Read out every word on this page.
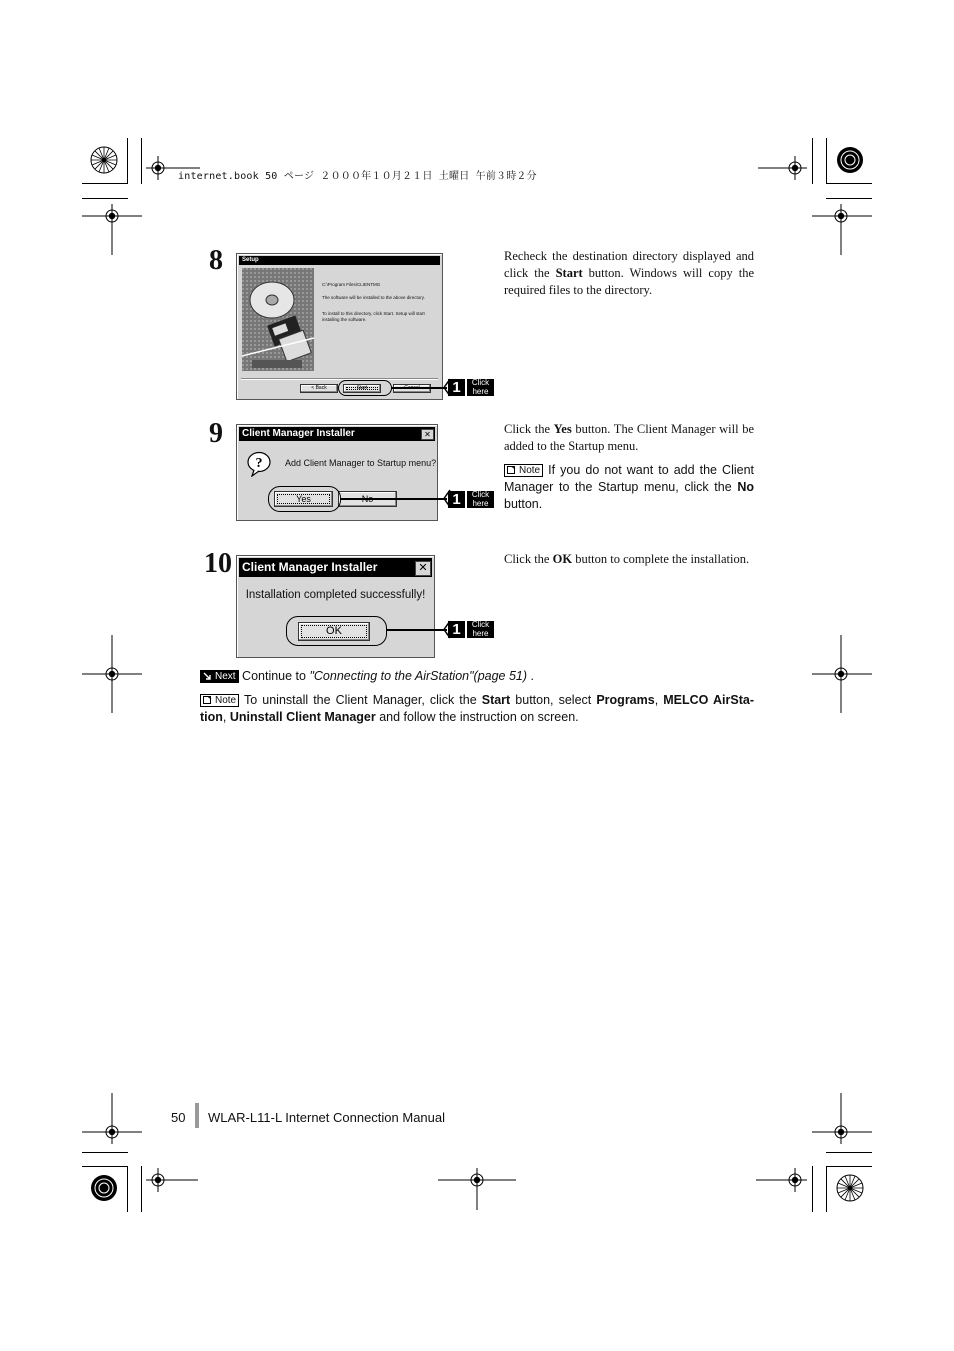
internet.book 50 ページ ２０００年１０月２１日 土曜日 午前３時２分
8	Setup
C:\Program Files\CLIENTMG
The software will be installed to the above directory.
To install to this directory, click Start. Setup will start installing the software.
< Back	Start	1	Click
here
Recheck the destination directory displayed and click the Start button. Windows will copy the required files to the directory.
9	Client Manager Installer	✕
?	Add Client Manager to Startup menu?
Yes	1	Click
here
Click the Yes button. The Client Manager will be added to the Startup menu.
Note If you do not want to add the Client Manager to the Startup menu, click the No button.
10 Client Manager Installer	✕
Installation completed successfully!
OK	1	Click
here
Click the OK button to complete the installation.
Next Continue to "Connecting to the AirStation"(page 51) .
Note To uninstall the Client Manager, click the Start button, select Programs, MELCO AirSta-tion, Uninstall Client Manager and follow the instruction on screen.
50 WLAR-L11-L Internet Connection Manual
